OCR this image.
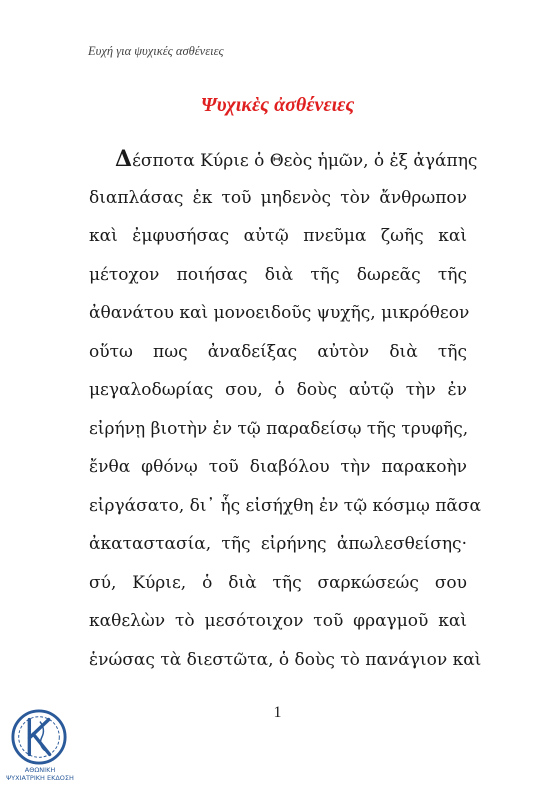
Ευχή για ψυχικές ασθένειες
Ψυχικὲς ἀσθένειες
Δέσποτα Κύριε ὁ Θεὸς ἡμῶν, ὁ ἐξ ἀγάπης
διαπλάσας ἐκ τοῦ μηδενὸς τὸν ἄνθρωπον
καὶ ἐμφυσήσας αὐτῷ πνεῦμα ζωῆς καὶ
μέτοχον ποιήσας διὰ τῆς δωρεᾶς τῆς
ἀθανάτου καὶ μονοειδοῦς ψυχῆς, μικρόθεον
οὕτω πως ἀναδείξας αὐτὸν διὰ τῆς
μεγαλοδωρίας σου, ὁ δοὺς αὐτῷ τὴν ἐν
εἰρήνῃ βιοτὴν ἐν τῷ παραδείσῳ τῆς τρυφῆς,
ἔνθα φθόνῳ τοῦ διαβόλου τὴν παρακοὴν
εἰργάσατο, δι᾽ ἧς εἰσήχθη ἐν τῷ κόσμῳ πᾶσα
ἀκαταστασία, τῆς εἰρήνης ἀπωλεσθείσης·
σύ, Κύριε, ὁ διὰ τῆς σαρκώσεώς σου
καθελὼν τὸ μεσότοιχον τοῦ φραγμοῦ καὶ
ἑνώσας τὰ διεστῶτα, ὁ δοὺς τὸ πανάγιον καὶ
1
ΑΘΩΝΙΚΗ
ΨΥΧΙΑΤΡΙΚΗ ΕΚΔΟΣΗ
